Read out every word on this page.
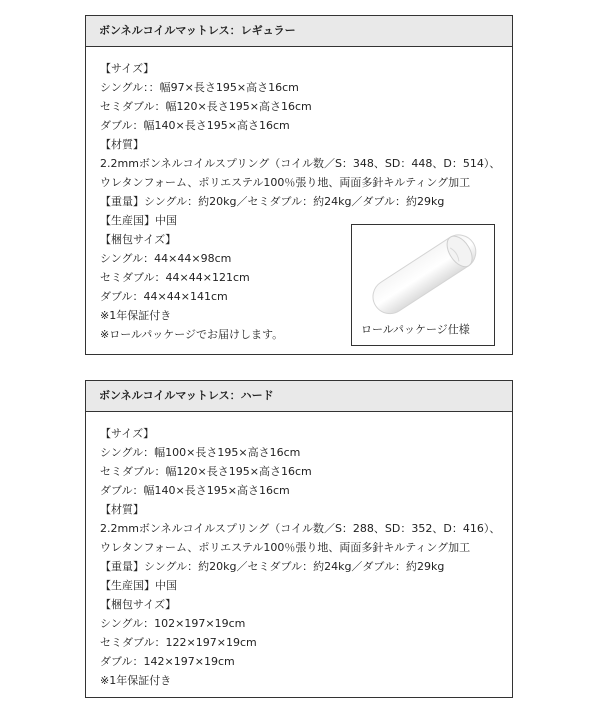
ボンネルコイルマットレス：レギュラー
【サイズ】
シングル：：幅97×長さ195×高さ16cm
セミダブル：幅120×長さ195×高さ16cm
ダブル：幅140×長さ195×高さ16cm
【材質】
2.2mmボンネルコイルスプリング（コイル数／S：348、SD：448、D：514）、
ウレタンフォーム、ポリエステル100％張り地、両面多針キルティング加工
【重量】シングル：約20kg／セミダブル：約24kg／ダブル：約29kg
【生産国】中国
【梱包サイズ】
シングル：44×44×98cm
セミダブル：44×44×121cm
ダブル：44×44×141cm
※1年保証付き
※ロールパッケージでお届けします。	ロールパッケージ仕様
ボンネルコイルマットレス：ハード
【サイズ】
シングル：幅100×長さ195×高さ16cm
セミダブル：幅120×長さ195×高さ16cm
ダブル：幅140×長さ195×高さ16cm
【材質】
2.2mmボンネルコイルスプリング（コイル数／S：288、SD：352、D：416）、
ウレタンフォーム、ポリエステル100％張り地、両面多針キルティング加工
【重量】シングル：約20kg／セミダブル：約24kg／ダブル：約29kg
【生産国】中国
【梱包サイズ】
シングル：102×197×19cm
セミダブル：122×197×19cm
ダブル：142×197×19cm
※1年保証付き
